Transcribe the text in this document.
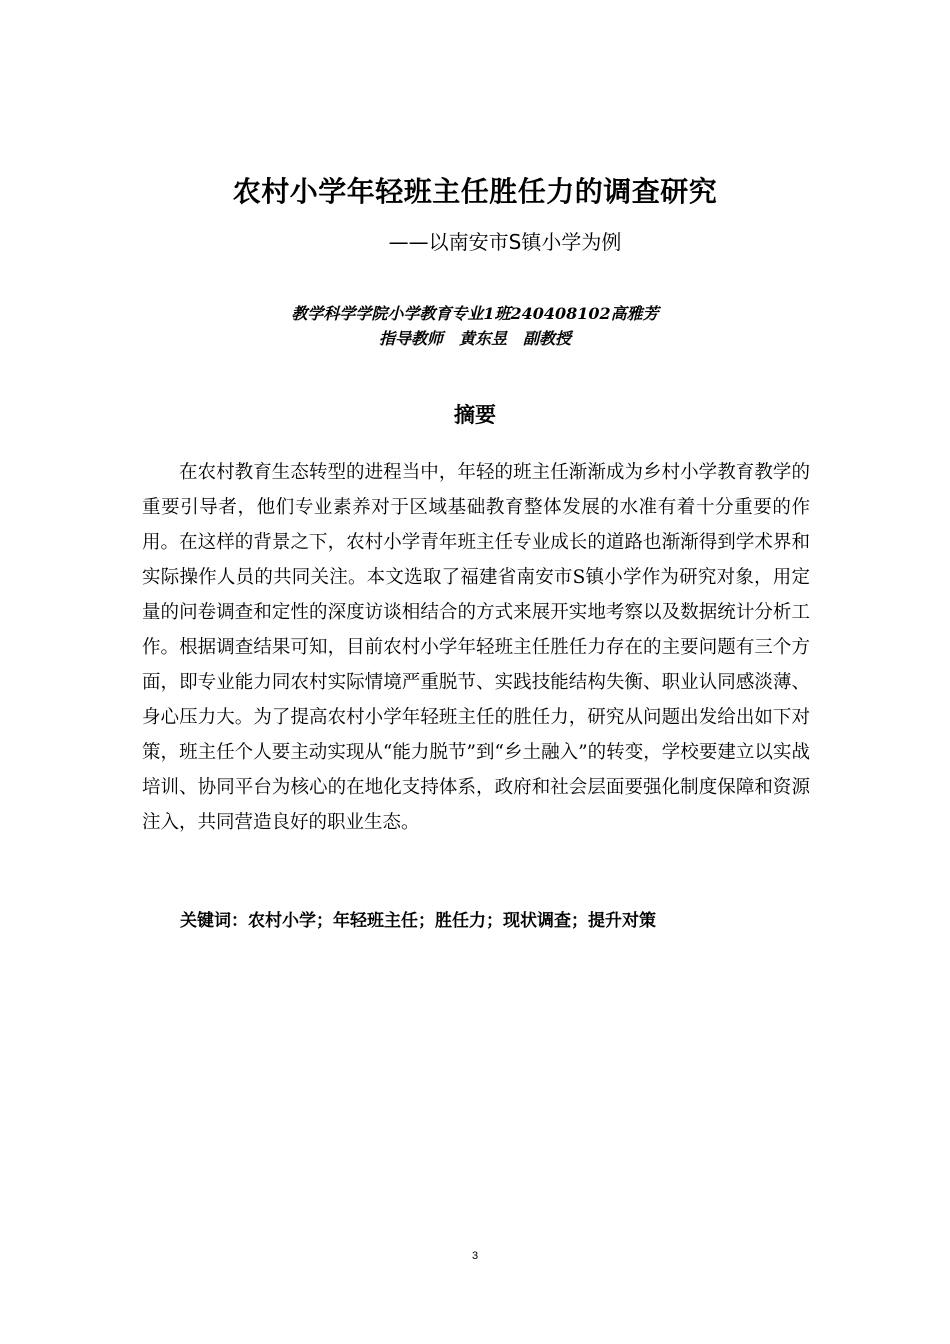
农村小学年轻班主任胜任力的调查研究
——以南安市S镇小学为例
教学科学学院小学教育专业1班240408102高雅芳
指导教师 黄东昱 副教授
摘要

在农村教育生态转型的进程当中，年轻的班主任渐渐成为乡村小学教育教学的重要引导者，他们专业素养对于区域基础教育整体发展的水准有着十分重要的作用。在这样的背景之下，农村小学青年班主任专业成长的道路也渐渐得到学术界和实际操作人员的共同关注。本文选取了福建省南安市S镇小学作为研究对象，用定量的问卷调查和定性的深度访谈相结合的方式来展开实地考察以及数据统计分析工作。根据调查结果可知，目前农村小学年轻班主任胜任力存在的主要问题有三个方面，即专业能力同农村实际情境严重脱节、实践技能结构失衡、职业认同感淡薄、身心压力大。为了提高农村小学年轻班主任的胜任力，研究从问题出发给出如下对策，班主任个人要主动实现从“能力脱节”到“乡土融入”的转变，学校要建立以实战培训、协同平台为核心的在地化支持体系，政府和社会层面要强化制度保障和资源注入，共同营造良好的职业生态。

关键词：农村小学；年轻班主任；胜任力；现状调查；提升对策
3
